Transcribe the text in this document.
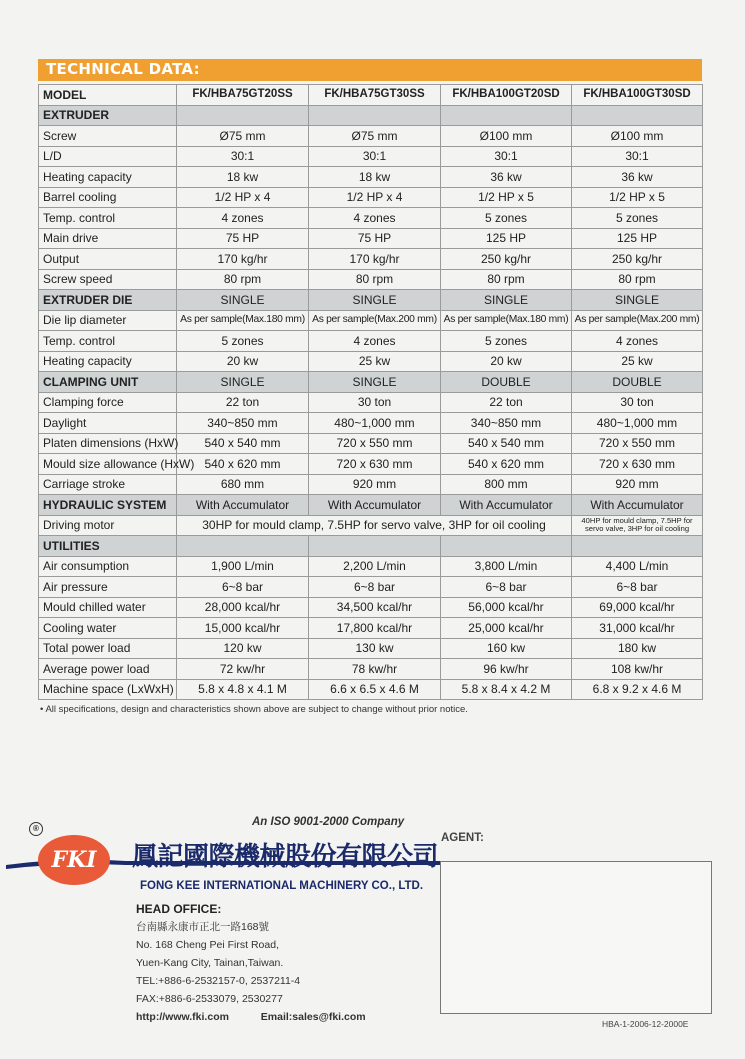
TECHNICAL DATA:
MODEL	FK/HBA75GT20SS	FK/HBA75GT30SS	FK/HBA100GT20SD	FK/HBA100GT30SD
EXTRUDER				
Screw	Ø75 mm	Ø75 mm	Ø100 mm	Ø100 mm
L/D	30:1	30:1	30:1	30:1
Heating capacity	18 kw	18 kw	36 kw	36 kw
Barrel cooling	1/2 HP x 4	1/2 HP x 4	1/2 HP x 5	1/2 HP x 5
Temp. control	4 zones	4 zones	5 zones	5 zones
Main drive	75 HP	75 HP	125 HP	125 HP
Output	170 kg/hr	170 kg/hr	250 kg/hr	250 kg/hr
Screw speed	80 rpm	80 rpm	80 rpm	80 rpm
EXTRUDER DIE	SINGLE	SINGLE	SINGLE	SINGLE
Die lip diameter	As per sample(Max.180 mm)	As per sample(Max.200 mm)	As per sample(Max.180 mm)	As per sample(Max.200 mm)
Temp. control	5 zones	4 zones	5 zones	4 zones
Heating capacity	20 kw	25 kw	20 kw	25 kw
CLAMPING UNIT	SINGLE	SINGLE	DOUBLE	DOUBLE
Clamping force	22 ton	30 ton	22 ton	30 ton
Daylight	340~850 mm	480~1,000 mm	340~850 mm	480~1,000 mm
Platen dimensions (HxW)	540 x 540 mm	720 x 550 mm	540 x 540 mm	720 x 550 mm
Mould size allowance (HxW)	540 x 620 mm	720 x 630 mm	540 x 620 mm	720 x 630 mm
Carriage stroke	680 mm	920 mm	800 mm	920 mm
HYDRAULIC SYSTEM	With Accumulator	With Accumulator	With Accumulator	With Accumulator
Driving motor	30HP for mould clamp, 7.5HP for servo valve, 3HP for oil cooling			40HP for mould clamp, 7.5HP for servo valve, 3HP for oil cooling
UTILITIES				
Air consumption	1,900 L/min	2,200 L/min	3,800 L/min	4,400 L/min
Air pressure	6~8 bar	6~8 bar	6~8 bar	6~8 bar
Mould chilled water	28,000 kcal/hr	34,500 kcal/hr	56,000 kcal/hr	69,000 kcal/hr
Cooling water	15,000 kcal/hr	17,800 kcal/hr	25,000 kcal/hr	31,000 kcal/hr
Total power load	120 kw	130 kw	160 kw	180 kw
Average power load	72 kw/hr	78 kw/hr	96 kw/hr	108 kw/hr
Machine space (LxWxH)	5.8 x 4.8 x 4.1 M	6.6 x 6.5 x 4.6 M	5.8 x 8.4 x 4.2 M	6.8 x 9.2 x 4.6 M
• All specifications, design and characteristics shown above are subject to change without prior notice.
An ISO 9001-2000 Company
®
FKI 鳳記國際機械股份有限公司
FONG KEE INTERNATIONAL MACHINERY CO., LTD.
HEAD OFFICE:
台南縣永康市正北一路168號
No. 168 Cheng Pei First Road,
Yuen-Kang City, Tainan,Taiwan.
TEL:+886-6-2532157-0, 2537211-4
FAX:+886-6-2533079, 2530277
http://www.fki.com	Email:sales@fki.com
AGENT:
HBA-1-2006-12-2000E
